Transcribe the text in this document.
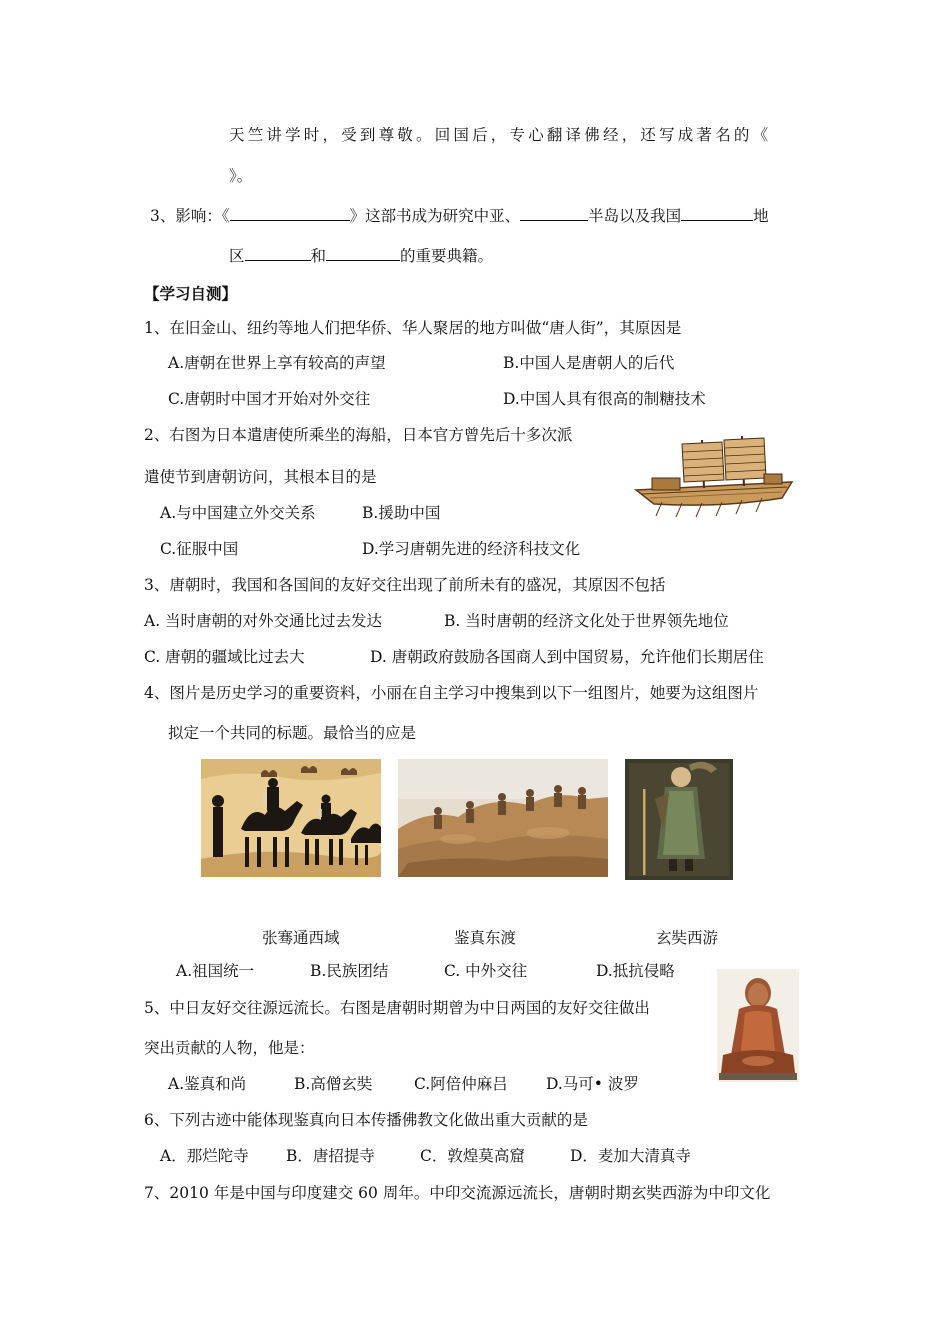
天竺讲学时，受到尊敬。回国后，专心翻译佛经，还写成著名的《
》。
3、影响：《	》这部书成为研究中亚、	半岛以及我国	地
区	和	的重要典籍。
【学习自测】
1、在旧金山、纽约等地人们把华侨、华人聚居的地方叫做“唐人街”，其原因是
A.唐朝在世界上享有较高的声望	B.中国人是唐朝人的后代
C.唐朝时中国才开始对外交往	D.中国人具有很高的制糖技术
2、右图为日本遣唐使所乘坐的海船，日本官方曾先后十多次派
遣使节到唐朝访问，其根本目的是
A.与中国建立外交关系	B.援助中国
C.征服中国	D.学习唐朝先进的经济科技文化
3、唐朝时，我国和各国间的友好交往出现了前所未有的盛况，其原因不包括
A. 当时唐朝的对外交通比过去发达	B. 当时唐朝的经济文化处于世界领先地位
C. 唐朝的疆域比过去大	D. 唐朝政府鼓励各国商人到中国贸易，允许他们长期居住
4、图片是历史学习的重要资料，小丽在自主学习中搜集到以下一组图片，她要为这组图片
拟定一个共同的标题。最恰当的应是
张骞通西域	鉴真东渡	玄奘西游
A.祖国统一	B.民族团结	C. 中外交往	D.抵抗侵略
5、中日友好交往源远流长。右图是唐朝时期曾为中日两国的友好交往做出
突出贡献的人物，他是：
A.鉴真和尚	B.高僧玄奘	C.阿倍仲麻吕 D.马可• 波罗
6、下列古迹中能体现鉴真向日本传播佛教文化做出重大贡献的是
A．那烂陀寺 B．唐招提寺	C．敦煌莫高窟	D．麦加大清真寺
7、2010 年是中国与印度建交 60 周年。中印交流源远流长，唐朝时期玄奘西游为中印文化
